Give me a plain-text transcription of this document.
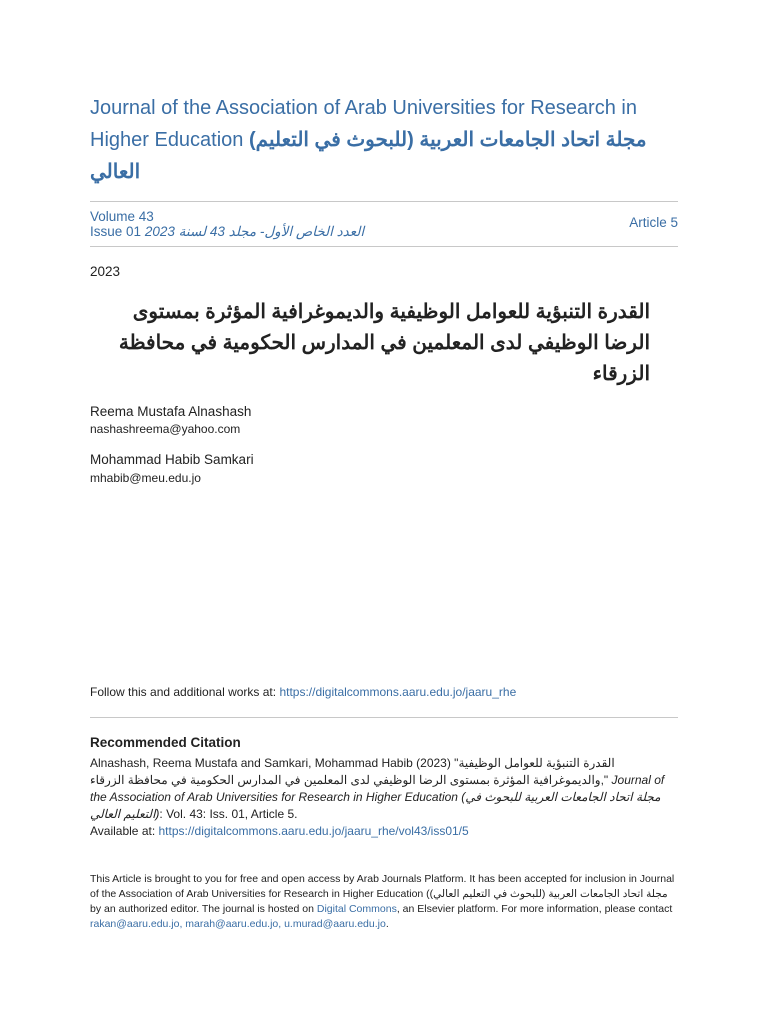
Journal of the Association of Arab Universities for Research in Higher Education (مجلة اتحاد الجامعات العربية (للبحوث في التعليم العالي
Volume 43
Issue 01 العدد الخاص الأول- مجلد 43 لسنة 2023
Article 5
2023
القدرة التنبؤية للعوامل الوظيفية والديموغرافية المؤثرة بمستوى الرضا الوظيفي لدى المعلمين في المدارس الحكومية في محافظة الزرقاء
Reema Mustafa Alnashash
nashashreema@yahoo.com
Mohammad Habib Samkari
mhabib@meu.edu.jo
Follow this and additional works at: https://digitalcommons.aaru.edu.jo/jaaru_rhe
Recommended Citation
Alnashash, Reema Mustafa and Samkari, Mohammad Habib (2023) "القدرة التنبؤية للعوامل الوظيفية والديموغرافية المؤثرة بمستوى الرضا الوظيفي لدى المعلمين في المدارس الحكومية في محافظة الزرقاء," Journal of the Association of Arab Universities for Research in Higher Education (مجلة اتحاد الجامعات العربية للبحوث في التعليم العالي): Vol. 43: Iss. 01, Article 5.
Available at: https://digitalcommons.aaru.edu.jo/jaaru_rhe/vol43/iss01/5
This Article is brought to you for free and open access by Arab Journals Platform. It has been accepted for inclusion in Journal of the Association of Arab Universities for Research in Higher Education (مجلة اتحاد الجامعات العربية (للبحوث في التعليم العالي) by an authorized editor. The journal is hosted on Digital Commons, an Elsevier platform. For more information, please contact rakan@aaru.edu.jo, marah@aaru.edu.jo, u.murad@aaru.edu.jo.
